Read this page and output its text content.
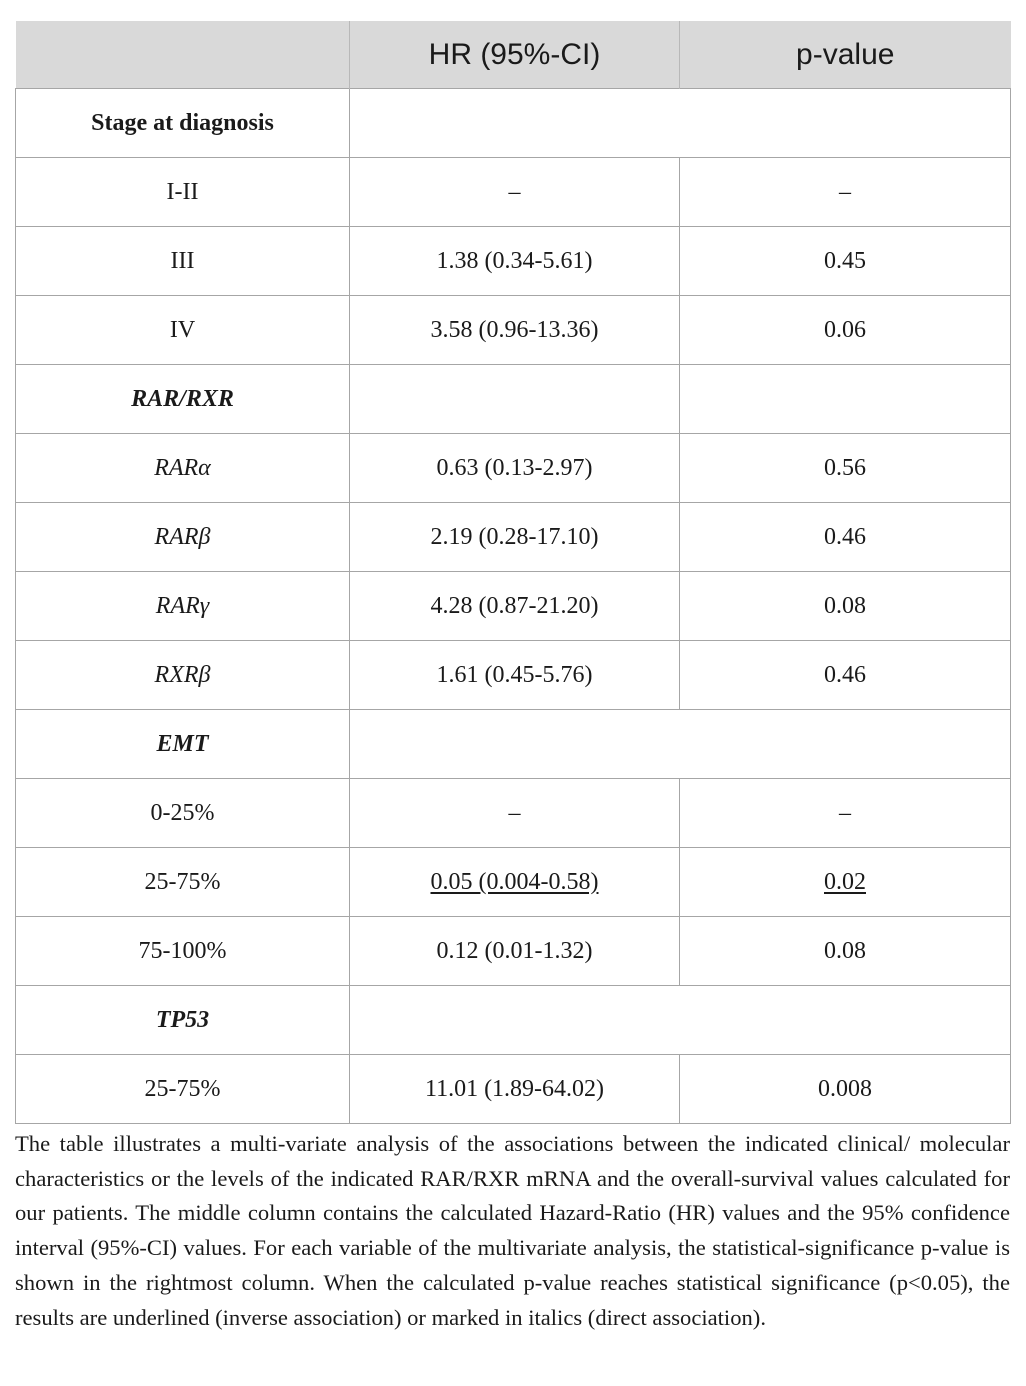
	HR (95%-CI)	p-value
Stage at diagnosis		
I-II	–	–
III	1.38 (0.34-5.61)	0.45
IV	3.58 (0.96-13.36)	0.06
RAR/RXR		
RARα	0.63 (0.13-2.97)	0.56
RARβ	2.19 (0.28-17.10)	0.46
RARγ	4.28 (0.87-21.20)	0.08
RXRβ	1.61 (0.45-5.76)	0.46
EMT		
0-25%	–	–
25-75%	0.05 (0.004-0.58)	0.02
75-100%	0.12 (0.01-1.32)	0.08
TP53		
25-75%	11.01 (1.89-64.02)	0.008

The table illustrates a multi-variate analysis of the associations between the indicated clinical/ molecular characteristics or the levels of the indicated RAR/RXR mRNA and the overall-survival values calculated for our patients. The middle column contains the calculated Hazard-Ratio (HR) values and the 95% confidence interval (95%-CI) values. For each variable of the multivariate analysis, the statistical-significance p-value is shown in the rightmost column. When the calculated p-value reaches statistical significance (p<0.05), the results are underlined (inverse association) or marked in italics (direct association).
